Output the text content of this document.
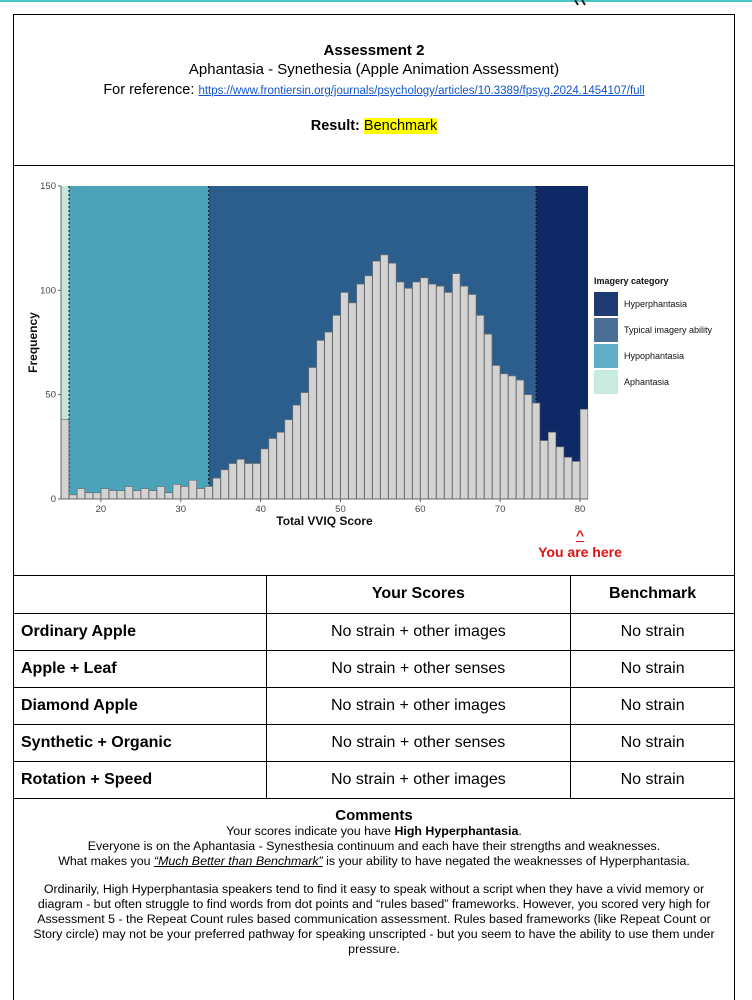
Assessment 2
Aphantasia - Synethesia (Apple Animation Assessment)
For reference: https://www.frontiersin.org/journals/psychology/articles/10.3389/fpsyg.2024.1454107/full
Result: Benchmark
0
50
100
150
20	30	40	50	60	70	80
Total VVIQ Score
Frequency
Imagery category
Hyperphantasia
Typical imagery ability
Hypophantasia
Aphantasia
^
You are here
	Your Scores	Benchmark
Ordinary Apple	No strain + other images	No strain
Apple + Leaf	No strain + other senses	No strain
Diamond Apple	No strain + other images	No strain
Synthetic + Organic	No strain + other senses	No strain
Rotation + Speed	No strain + other images	No strain
Comments
Your scores indicate you have High Hyperphantasia.
Everyone is on the Aphantasia - Synesthesia continuum and each have their strengths and weaknesses.
What makes you “Much Better than Benchmark” is your ability to have negated the weaknesses of Hyperphantasia.
Ordinarily, High Hyperphantasia speakers tend to find it easy to speak without a script when they have a vivid memory or diagram - but often struggle to find words from dot points and “rules based” frameworks. However, you scored very high for Assessment 5 - the Repeat Count rules based communication assessment. Rules based frameworks (like Repeat Count or Story circle) may not be your preferred pathway for speaking unscripted - but you seem to have the ability to use them under pressure.
